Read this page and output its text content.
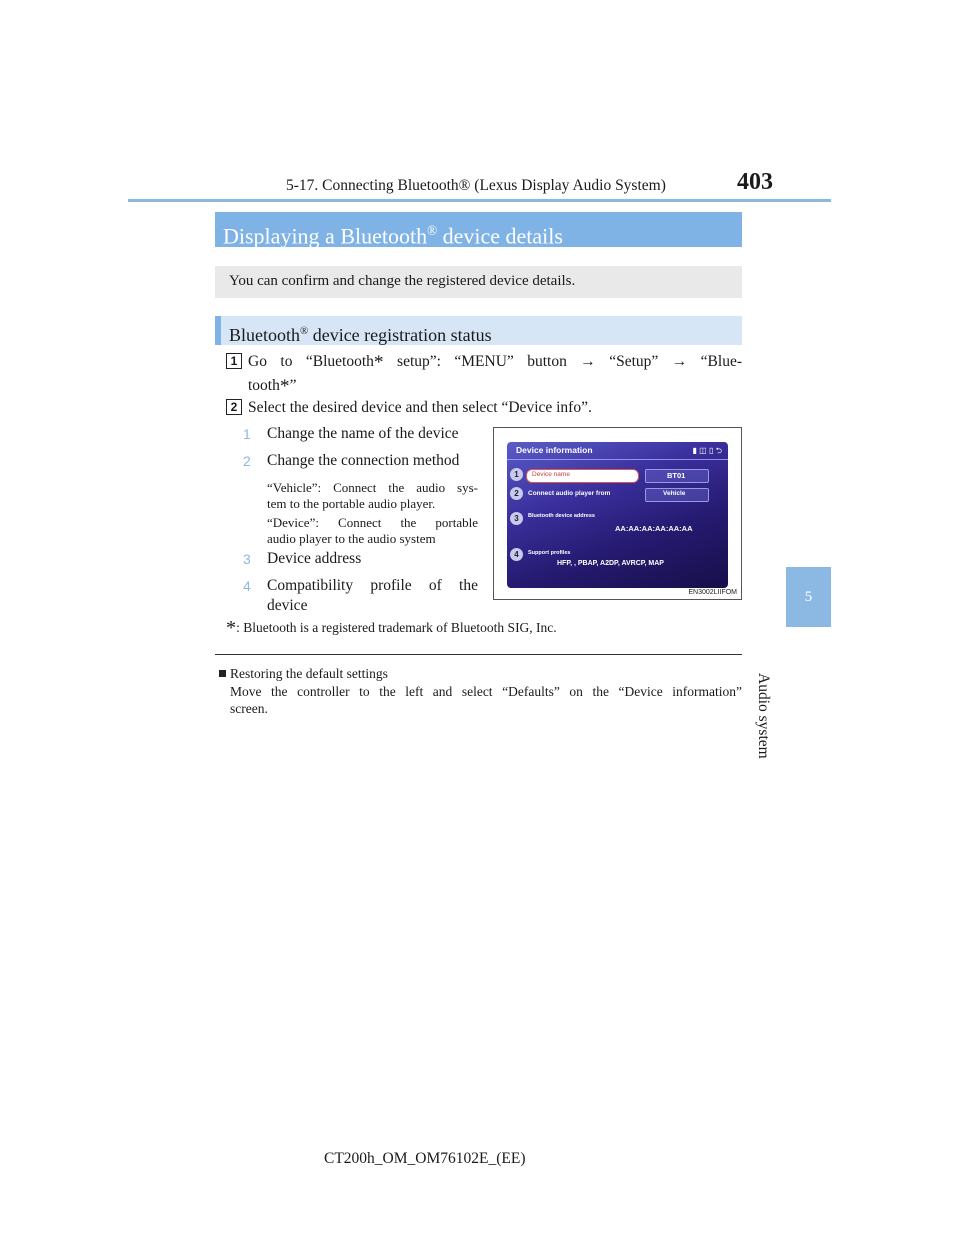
5-17. Connecting Bluetooth® (Lexus Display Audio System)	403
5
Audio system
Displaying a Bluetooth® device details
You can confirm and change the registered device details.
Bluetooth® device registration status
1 Go to “Bluetooth* setup”: “MENU” button → “Setup” → “Blue-
tooth*”
2 Select the desired device and then select “Device info”.
1 Change the name of the device
2 Change the connection method
“Vehicle”: Connect the audio sys-
tem to the portable audio player.
“Device”: Connect the portable
audio player to the audio system
3 Device address
4 Compatibility profile of the
device
Device information	▮ ◫ ▯ ⮌
1	Device name	BT01
2	Connect audio player from	Vehicle
3	Bluetooth device address
AA:AA:AA:AA:AA:AA
4	Support profiles
HFP, , PBAP, A2DP, AVRCP, MAP
EN3002LIIFOM
*: Bluetooth is a registered trademark of Bluetooth SIG, Inc.
Restoring the default settings
Move the controller to the left and select “Defaults” on the “Device information”
screen.
CT200h_OM_OM76102E_(EE)
